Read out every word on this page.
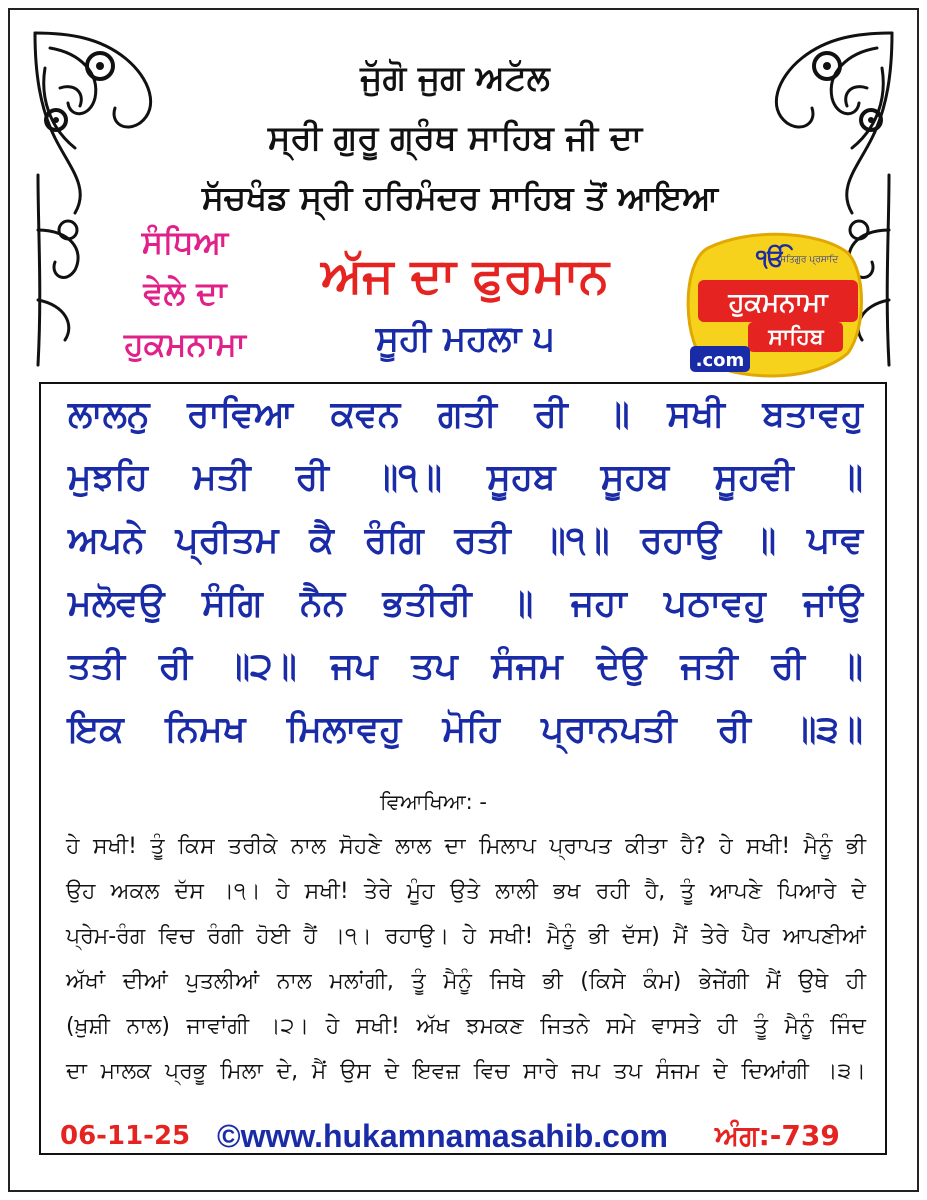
ਜੁੱਗੋ ਜੁਗ ਅਟੱਲ
ਸ੍ਰੀ ਗੁਰੂ ਗ੍ਰੰਥ ਸਾਹਿਬ ਜੀ ਦਾ
ਸੱਚਖੰਡ ਸ੍ਰੀ ਹਰਿਮੰਦਰ ਸਾਹਿਬ ਤੋਂ ਆਇਆ
ਸੰਧਿਆ
ਵੇਲੇ ਦਾ
ਹੁਕਮਨਾਮਾ
ਅੱਜ ਦਾ ਫੁਰਮਾਨ
ਸੂਹੀ ਮਹਲਾ ੫
ੴ
ਸਤਿਗੁਰ ਪ੍ਰਸਾਦਿ
ਹੁਕਮਨਾਮਾ
ਸਾਹਿਬ
.com
ਲਾਲਨੁ ਰਾਵਿਆ ਕਵਨ ਗਤੀ ਰੀ ॥ ਸਖੀ ਬਤਾਵਹੁ
ਮੁਝਹਿ ਮਤੀ ਰੀ ॥੧॥ ਸੂਹਬ ਸੂਹਬ ਸੂਹਵੀ ॥
ਅਪਨੇ ਪ੍ਰੀਤਮ ਕੈ ਰੰਗਿ ਰਤੀ ॥੧॥ ਰਹਾਉ ॥ ਪਾਵ
ਮਲੋਵਉ ਸੰਗਿ ਨੈਨ ਭਤੀਰੀ ॥ ਜਹਾ ਪਠਾਵਹੁ ਜਾਂਉ
ਤਤੀ ਰੀ ॥੨॥ ਜਪ ਤਪ ਸੰਜਮ ਦੇਉ ਜਤੀ ਰੀ ॥
ਇਕ ਨਿਮਖ ਮਿਲਾਵਹੁ ਮੋਹਿ ਪ੍ਰਾਨਪਤੀ ਰੀ ॥੩॥
ਵਿਆਖਿਆ: -
ਹੇ ਸਖੀ! ਤੂੰ ਕਿਸ ਤਰੀਕੇ ਨਾਲ ਸੋਹਣੇ ਲਾਲ ਦਾ ਮਿਲਾਪ ਪ੍ਰਾਪਤ ਕੀਤਾ ਹੈ? ਹੇ ਸਖੀ! ਮੈਨੂੰ ਭੀ
ਉਹ ਅਕਲ ਦੱਸ ।੧। ਹੇ ਸਖੀ! ਤੇਰੇ ਮੂੰਹ ਉਤੇ ਲਾਲੀ ਭਖ ਰਹੀ ਹੈ, ਤੂੰ ਆਪਣੇ ਪਿਆਰੇ ਦੇ
ਪ੍ਰੇਮ-ਰੰਗ ਵਿਚ ਰੰਗੀ ਹੋਈ ਹੈਂ ।੧। ਰਹਾਉ। ਹੇ ਸਖੀ! ਮੈਨੂੰ ਭੀ ਦੱਸ) ਮੈਂ ਤੇਰੇ ਪੈਰ ਆਪਣੀਆਂ
ਅੱਖਾਂ ਦੀਆਂ ਪੁਤਲੀਆਂ ਨਾਲ ਮਲਾਂਗੀ, ਤੂੰ ਮੈਨੂੰ ਜਿਥੇ ਭੀ (ਕਿਸੇ ਕੰਮ) ਭੇਜੇਂਗੀ ਮੈਂ ਉਥੇ ਹੀ
(ਖ਼ੁਸ਼ੀ ਨਾਲ) ਜਾਵਾਂਗੀ ।੨। ਹੇ ਸਖੀ! ਅੱਖ ਝਮਕਣ ਜਿਤਨੇ ਸਮੇ ਵਾਸਤੇ ਹੀ ਤੂੰ ਮੈਨੂੰ ਜਿੰਦ
ਦਾ ਮਾਲਕ ਪ੍ਰਭੂ ਮਿਲਾ ਦੇ, ਮੈਂ ਉਸ ਦੇ ਇਵਜ਼ ਵਿਚ ਸਾਰੇ ਜਪ ਤਪ ਸੰਜਮ ਦੇ ਦਿਆਂਗੀ ।੩।
06-11-25 ©www.hukamnamasahib.com ਅੰਗ:-739
